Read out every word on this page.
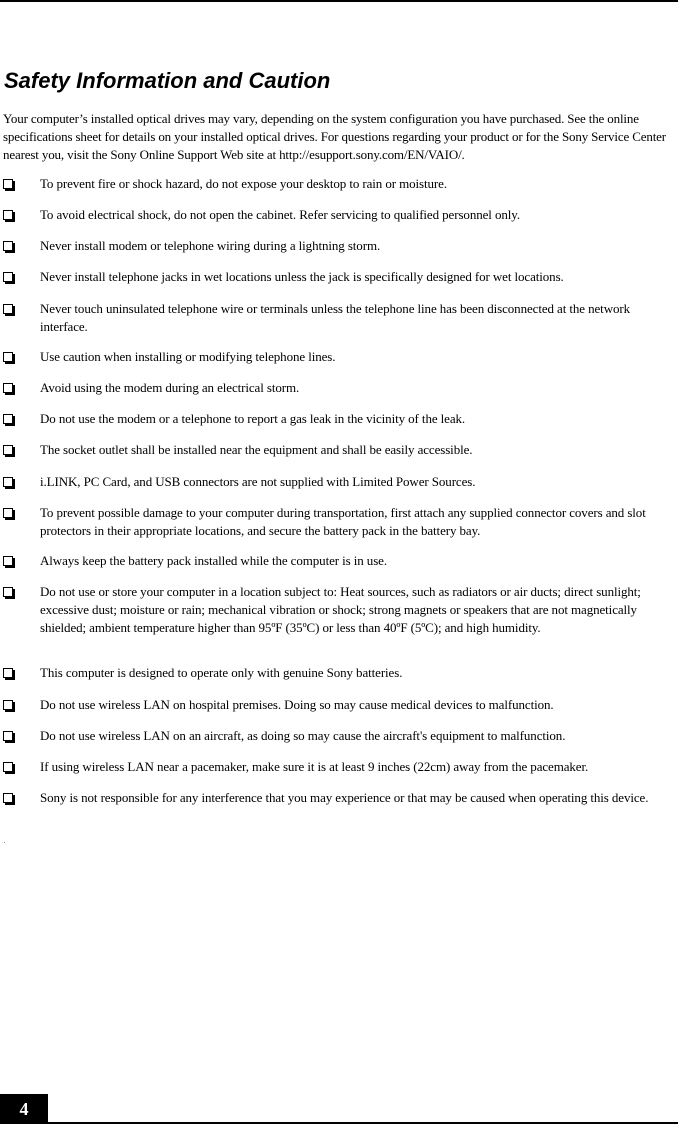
Safety Information and Caution

Your computer’s installed optical drives may vary, depending on the system configuration you have purchased. See the online specifications sheet for details on your installed optical drives. For questions regarding your product or for the Sony Service Center nearest you, visit the Sony Online Support Web site at http://esupport.sony.com/EN/VAIO/.

To prevent fire or shock hazard, do not expose your desktop to rain or moisture.
To avoid electrical shock, do not open the cabinet. Refer servicing to qualified personnel only.
Never install modem or telephone wiring during a lightning storm.
Never install telephone jacks in wet locations unless the jack is specifically designed for wet locations.
Never touch uninsulated telephone wire or terminals unless the telephone line has been disconnected at the network interface.
Use caution when installing or modifying telephone lines.
Avoid using the modem during an electrical storm.
Do not use the modem or a telephone to report a gas leak in the vicinity of the leak.
The socket outlet shall be installed near the equipment and shall be easily accessible.
i.LINK, PC Card, and USB connectors are not supplied with Limited Power Sources.
To prevent possible damage to your computer during transportation, first attach any supplied connector covers and slot protectors in their appropriate locations, and secure the battery pack in the battery bay.
Always keep the battery pack installed while the computer is in use.
Do not use or store your computer in a location subject to: Heat sources, such as radiators or air ducts; direct sunlight; excessive dust; moisture or rain; mechanical vibration or shock; strong magnets or speakers that are not magnetically shielded; ambient temperature higher than 95ºF (35ºC) or less than 40ºF (5ºC); and high humidity.
This computer is designed to operate only with genuine Sony batteries.
Do not use wireless LAN on hospital premises. Doing so may cause medical devices to malfunction.
Do not use wireless LAN on an aircraft, as doing so may cause the aircraft's equipment to malfunction.
If using wireless LAN near a pacemaker, make sure it is at least 9 inches (22cm) away from the pacemaker.
Sony is not responsible for any interference that you may experience or that may be caused when operating this device.
4
